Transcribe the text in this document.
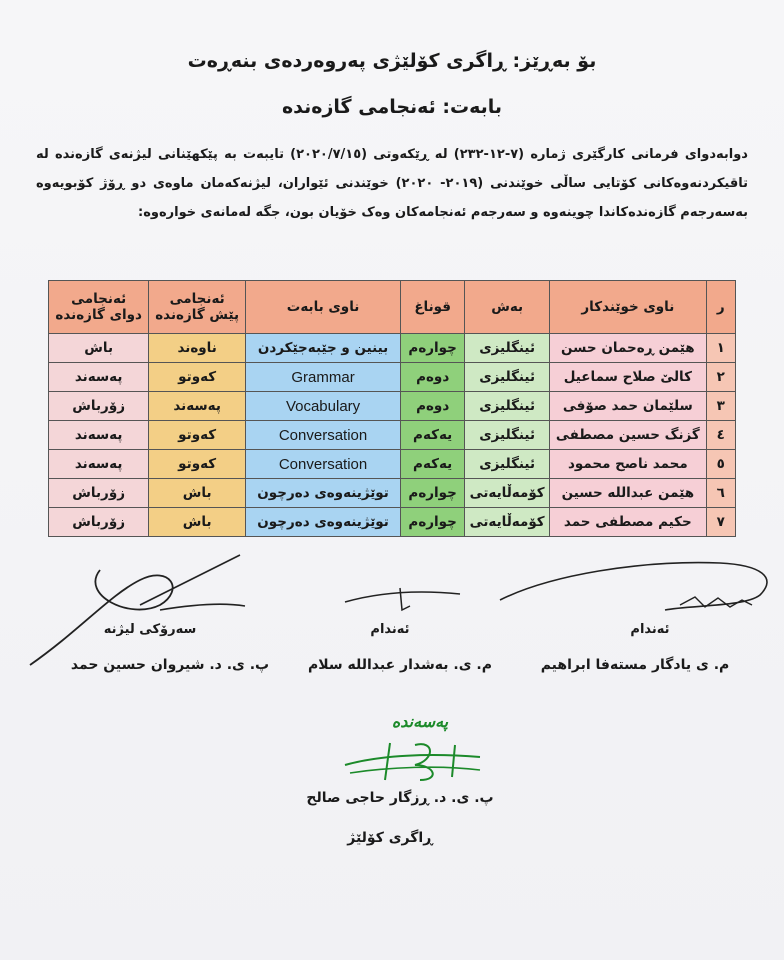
بۆ بەڕێز: ڕاگری کۆلێژی پەروەردەی بنەڕەت
بابەت: ئەنجامی گازەندە
دوابەدوای فرمانی کارگێری ژمارە (٧-١٢-٢٣٢) لە ڕێکەوتی (٢٠٢٠/٧/١٥) تایبەت بە پێکهێنانی لیژنەی گازەندە لە تاقیکردنەوەکانی کۆتایی ساڵی خوێندنی (٢٠١٩- ٢٠٢٠) خوێندنی ئێواران، لیژنەکەمان ماوەی دو ڕۆژ کۆبویەوە بەسەرجەم گازەندەکاندا چوینەوە و سەرجەم ئەنجامەکان وەک خۆیان بون، جگە لەمانەی خوارەوە:
ر	ناوی خوێندکار	بەش	قوناغ	ناوی بابەت	ئەنجامی پێش گازەندە	ئەنجامی دوای گازەندە
١	هێمن ڕەحمان حسن	ئینگلیزی	چوارەم	بینین و جێبەجێکردن	ناوەند	باش
٢	کالێ صلاح سماعیل	ئینگلیزی	دوەم	Grammar	کەوتو	پەسەند
٣	سلێمان حمد صۆفی	ئینگلیزی	دوەم	Vocabulary	پەسەند	زۆرباش
٤	گزنگ حسین مصطفی	ئینگلیزی	یەکەم	Conversation	کەوتو	پەسەند
٥	محمد ناصح محمود	ئینگلیزی	یەکەم	Conversation	کەوتو	پەسەند
٦	هێمن عبداللە حسین	کۆمەڵایەتی	چوارەم	توێژینەوەی دەرچون	باش	زۆرباش
٧	حکیم مصطفی حمد	کۆمەڵایەتی	چوارەم	توێژینەوەی دەرچون	باش	زۆرباش
ئەندام
م. ی یادگار مستەفا ابراهیم
ئەندام
م. ی. بەشدار عبداللە سلام
سەرۆکی لیژنە
پ. ی. د. شیروان حسین حمد
پەسەندە
پ. ی. د. ڕزگار حاجی صالح
ڕاگری کۆلێژ
